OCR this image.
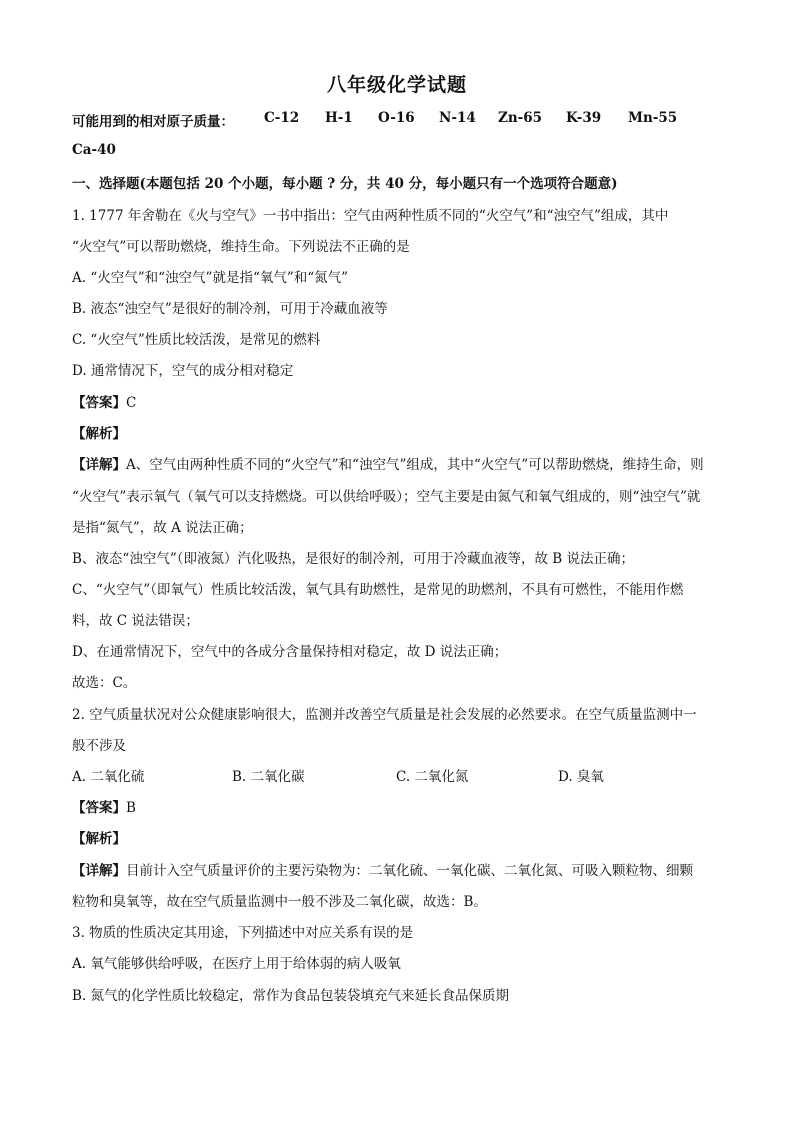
八年级化学试题
可能用到的相对原子质量： C-12 H-1 O-16 N-14 Zn-65 K-39 Mn-55
Ca-40
一、选择题(本题包括 20 个小题，每小题 ? 分，共 40 分，每小题只有一个选项符合题意)
1. 1777 年舍勒在《火与空气》一书中指出：空气由两种性质不同的“火空气”和“浊空气”组成，其中
“火空气”可以帮助燃烧，维持生命。下列说法不正确的是
A. “火空气”和“浊空气”就是指“氧气”和“氮气”
B. 液态“浊空气”是很好的制冷剂，可用于冷藏血液等
C. “火空气”性质比较活泼，是常见的燃料
D. 通常情况下，空气的成分相对稳定
【答案】C
【解析】
【详解】A、空气由两种性质不同的“火空气”和“浊空气”组成，其中“火空气”可以帮助燃烧，维持生命，则
“火空气”表示氧气（氧气可以支持燃烧。可以供给呼吸）；空气主要是由氮气和氧气组成的，则“浊空气”就
是指“氮气”，故 A 说法正确；
B、液态“浊空气”（即液氮）汽化吸热，是很好的制冷剂，可用于冷藏血液等，故 B 说法正确；
C、“火空气”（即氧气）性质比较活泼，氧气具有助燃性，是常见的助燃剂，不具有可燃性，不能用作燃
料，故 C 说法错误；
D、在通常情况下，空气中的各成分含量保持相对稳定，故 D 说法正确；
故选：C。
2. 空气质量状况对公众健康影响很大，监测并改善空气质量是社会发展的必然要求。在空气质量监测中一
般不涉及
A. 二氧化硫	B. 二氧化碳	C. 二氧化氮	D. 臭氧
【答案】B
【解析】
【详解】目前计入空气质量评价的主要污染物为：二氧化硫、一氧化碳、二氧化氮、可吸入颗粒物、细颗
粒物和臭氧等，故在空气质量监测中一般不涉及二氧化碳，故选：B。
3. 物质的性质决定其用途，下列描述中对应关系有误的是
A. 氧气能够供给呼吸，在医疗上用于给体弱的病人吸氧
B. 氮气的化学性质比较稳定，常作为食品包装袋填充气来延长食品保质期
